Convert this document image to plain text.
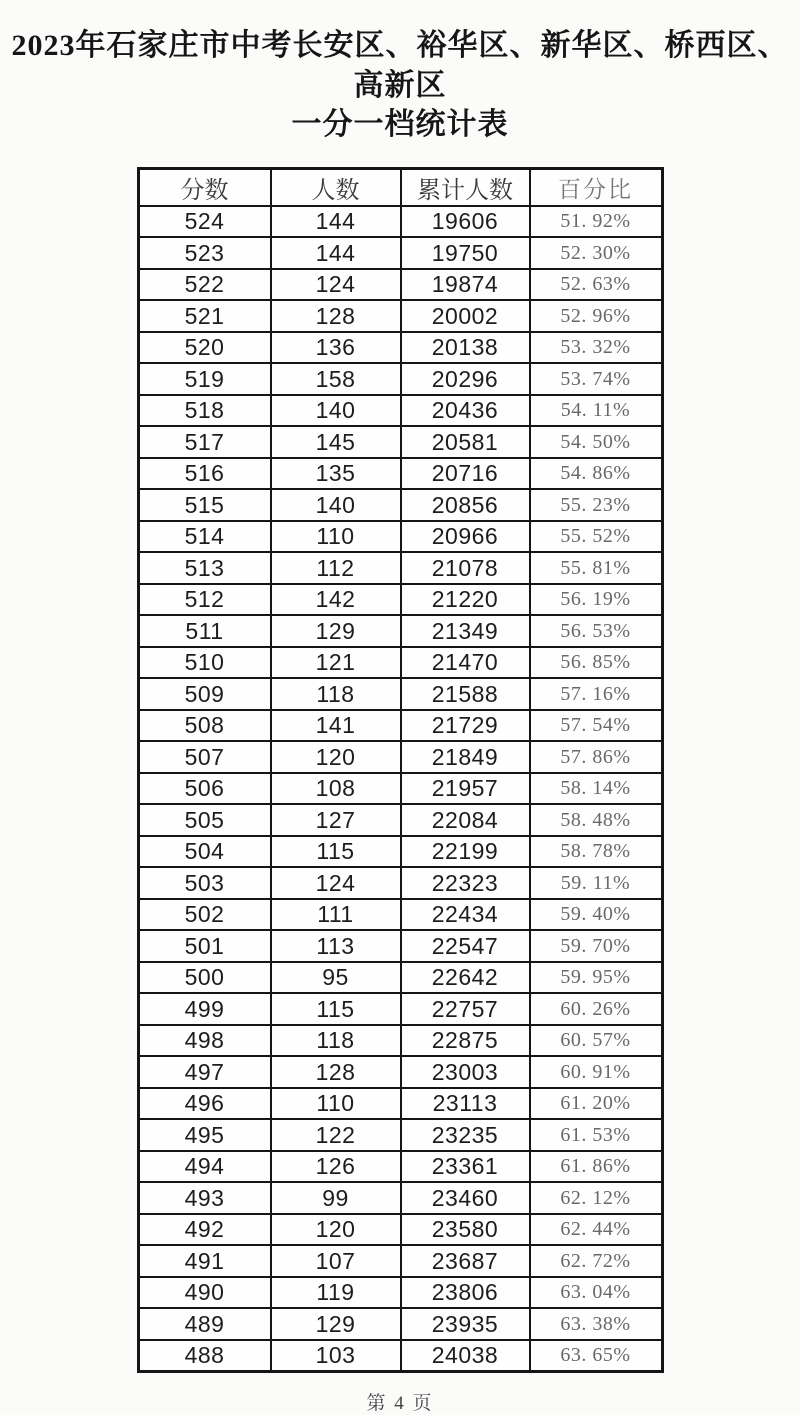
2023年石家庄市中考长安区、裕华区、新华区、桥西区、高新区
一分一档统计表
分数	人数	累计人数	百分比
524	144	19606	51. 92%
523	144	19750	52. 30%
522	124	19874	52. 63%
521	128	20002	52. 96%
520	136	20138	53. 32%
519	158	20296	53. 74%
518	140	20436	54. 11%
517	145	20581	54. 50%
516	135	20716	54. 86%
515	140	20856	55. 23%
514	110	20966	55. 52%
513	112	21078	55. 81%
512	142	21220	56. 19%
511	129	21349	56. 53%
510	121	21470	56. 85%
509	118	21588	57. 16%
508	141	21729	57. 54%
507	120	21849	57. 86%
506	108	21957	58. 14%
505	127	22084	58. 48%
504	115	22199	58. 78%
503	124	22323	59. 11%
502	111	22434	59. 40%
501	113	22547	59. 70%
500	95	22642	59. 95%
499	115	22757	60. 26%
498	118	22875	60. 57%
497	128	23003	60. 91%
496	110	23113	61. 20%
495	122	23235	61. 53%
494	126	23361	61. 86%
493	99	23460	62. 12%
492	120	23580	62. 44%
491	107	23687	62. 72%
490	119	23806	63. 04%
489	129	23935	63. 38%
488	103	24038	63. 65%
第 4 页
